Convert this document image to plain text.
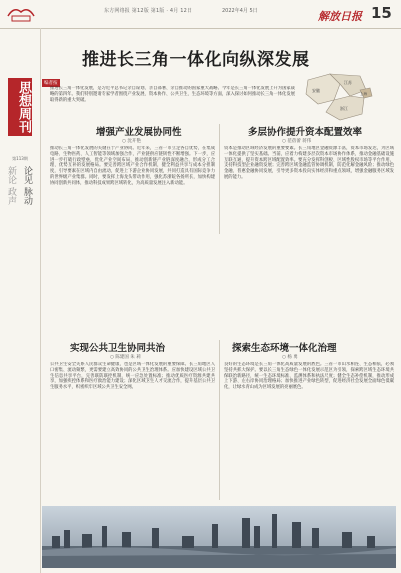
东方网络报 第12版 第1版 · 4月 12日	2022年4月 5日	解放日报 15
思想周刊
第113期
新论 政声 论见 脉动
推进长三角一体化向纵深发展
编者按
推进长三角一体化发展，是习近平总书记亲自谋划、亲自部署、亲自推动的国家重大战略。今年是长三角一体化发展上升为国家战略的第四年。我们特别邀请专家学者围绕产业发展、资本协作、公共卫生、生态环境等方面，深入探讨如何推动长三角一体化发展取得新的重大突破。
安徽
江苏
上海
浙江
增强产业发展协同性
○ 沈开艳
推动长三角一体化发展的关键在于产业协同。近年来，三省一市立足各自优势，在集成电路、生物医药、人工智能等领域加强合作，产业链供应链韧性不断增强。下一步，应进一步打破行政壁垒，优化产业空间布局，推动创新链产业链深度融合，形成分工合理、优势互补的发展格局。要完善跨区域产业合作机制，健全利益共享与成本分担制度，引导要素在区域内自由流动，促进上下游企业协同发展，共同打造具有国际竞争力的世界级产业集群。同时，要发挥上海龙头带动作用，强化苏浙皖各扬所长，加快构建协同创新共同体，推动科技成果跨区域转化，为高质量发展注入新动能。
多层协作提升资本配置效率
○ 范蓓蕾 蒋伟
资本是推动区域经济发展的重要要素。长三角地区金融资源丰富，资本市场发达，为区域一体化提供了坚实基础。当前，应着力构建多层次资本市场协作体系，推动金融基础设施互联互通，提升资本跨区域配置效率。要充分发挥科创板、区域性股权市场等平台作用，支持科技型企业融资发展；完善跨区域金融监管协调机制，防范化解金融风险；推动绿色金融、普惠金融协同发展，引导更多资本投向实体经济和重点领域，增强金融服务区域发展的能力。
实现公共卫生协同共治
○ 陈建国 朱 莉
公共卫生安全关系人民群众生命健康，也是区域一体化发展的重要保障。长三角地区人口密集、流动频繁，更需要建立高效协同的公共卫生治理体系。应加快建设区域公共卫生信息共享平台，完善联防联控机制，统一应急处置标准；推动优质医疗资源共建共享，加强疾控体系和医疗救治能力建设；深化区域卫生人才交流合作，提升基层公共卫生服务水平，织密织牢区域公共卫生安全网。
探索生态环境一体化治理
○ 杨 勇
良好的生态环境是长三角一体化高质量发展的底色。三省一市山水相连、生态相依，必须坚持共抓大保护。要以长三角生态绿色一体化发展示范区为引领，探索跨区域生态环境共保联治新路径，统一生态环境标准、监测体系和执法尺度；健全生态补偿机制，推动形成上下游、左右岸协同治理格局；加快推进产业绿色转型，促进经济社会发展全面绿色低碳化，让绿水青山成为区域发展的亮丽底色。
